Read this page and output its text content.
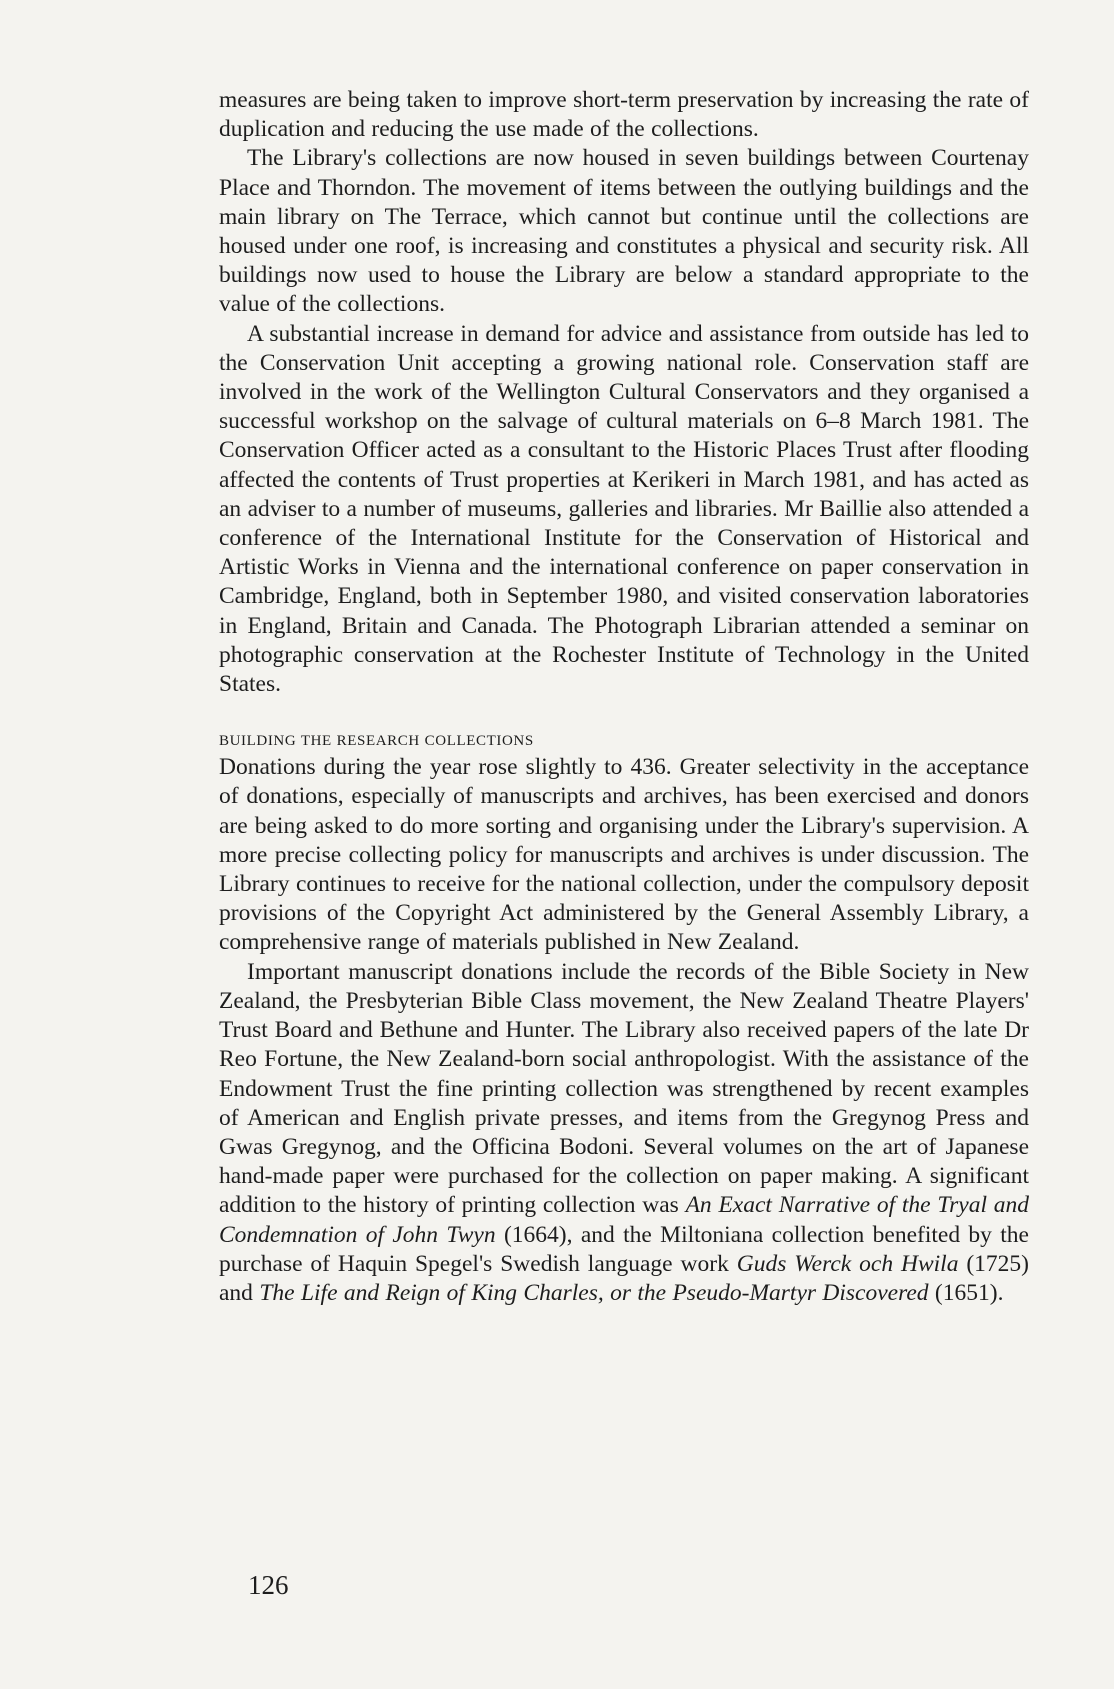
measures are being taken to improve short-term preservation by increasing the rate of duplication and reducing the use made of the collections.

The Library's collections are now housed in seven buildings between Courtenay Place and Thorndon. The movement of items between the outlying buildings and the main library on The Terrace, which cannot but continue until the collections are housed under one roof, is increasing and constitutes a physical and security risk. All buildings now used to house the Library are below a standard appropriate to the value of the collections.

A substantial increase in demand for advice and assistance from outside has led to the Conservation Unit accepting a growing national role. Conservation staff are involved in the work of the Wellington Cultural Conservators and they organised a successful workshop on the salvage of cultural materials on 6–8 March 1981. The Conservation Officer acted as a consultant to the Historic Places Trust after flooding affected the contents of Trust properties at Kerikeri in March 1981, and has acted as an adviser to a number of museums, galleries and libraries. Mr Baillie also attended a conference of the International Institute for the Conservation of Historical and Artistic Works in Vienna and the international conference on paper conservation in Cambridge, England, both in September 1980, and visited conservation laboratories in England, Britain and Canada. The Photograph Librarian attended a seminar on photographic conservation at the Rochester Institute of Technology in the United States.

BUILDING THE RESEARCH COLLECTIONS

Donations during the year rose slightly to 436. Greater selectivity in the acceptance of donations, especially of manuscripts and archives, has been exercised and donors are being asked to do more sorting and organising under the Library's supervision. A more precise collecting policy for manuscripts and archives is under discussion. The Library continues to receive for the national collection, under the compulsory deposit provisions of the Copyright Act administered by the General Assembly Library, a comprehensive range of materials published in New Zealand.

Important manuscript donations include the records of the Bible Society in New Zealand, the Presbyterian Bible Class movement, the New Zealand Theatre Players' Trust Board and Bethune and Hunter. The Library also received papers of the late Dr Reo Fortune, the New Zealand-born social anthropologist. With the assistance of the Endowment Trust the fine printing collection was strengthened by recent examples of American and English private presses, and items from the Gregynog Press and Gwas Gregynog, and the Officina Bodoni. Several volumes on the art of Japanese hand-made paper were purchased for the collection on paper making. A significant addition to the history of printing collection was An Exact Narrative of the Tryal and Condemnation of John Twyn (1664), and the Miltoniana collection benefited by the purchase of Haquin Spegel's Swedish language work Guds Werck och Hwila (1725) and The Life and Reign of King Charles, or the Pseudo-Martyr Discovered (1651).

126
